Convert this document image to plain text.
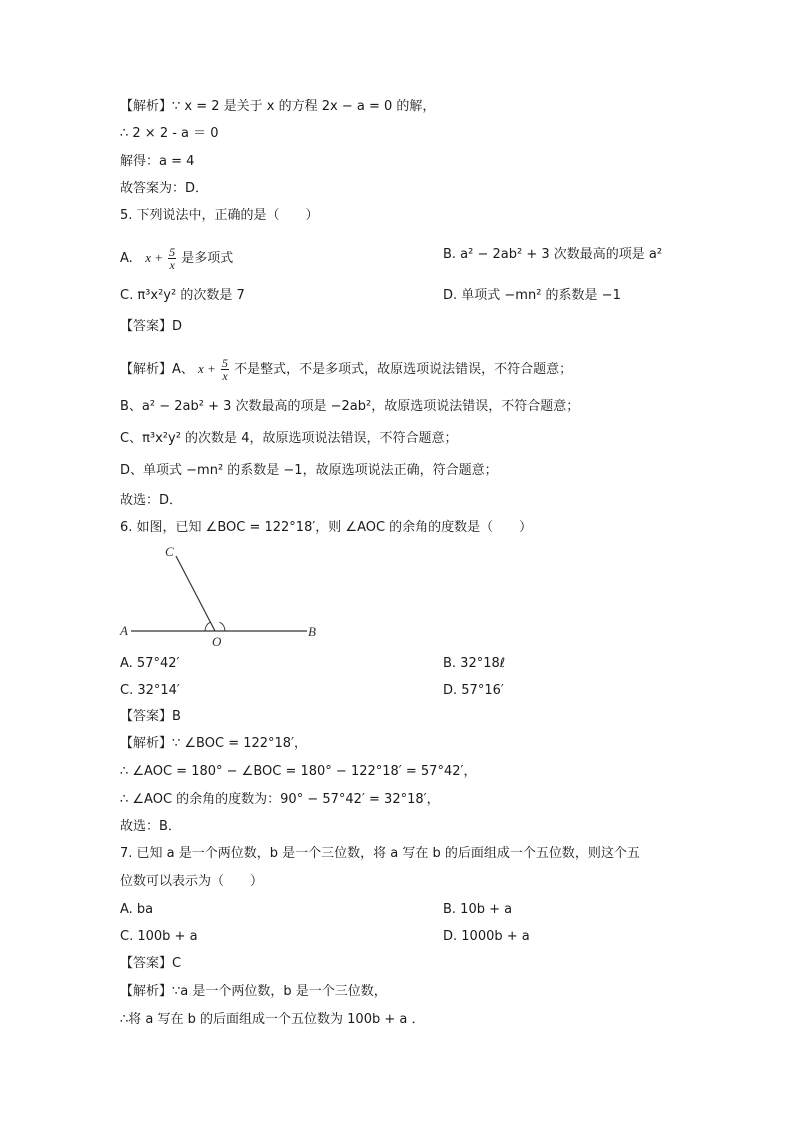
【解析】∵ x = 2 是关于 x 的方程 2x − a = 0 的解，
∴ 2 × 2 - a ＝ 0
解得：a = 4
故答案为：D．
5. 下列说法中，正确的是（　　）
A. $x + \frac{5}{x}$ 是多项式	B. a² − 2ab² + 3 次数最高的项是 a²
C. π³x²y² 的次数是 7	D. 单项式 −mn² 的系数是 −1
【答案】D
【解析】A、 $x + \frac{5}{x}$ 不是整式，不是多项式，故原选项说法错误，不符合题意；
B、a² − 2ab² + 3 次数最高的项是 −2ab²，故原选项说法错误，不符合题意；
C、π³x²y² 的次数是 4，故原选项说法错误，不符合题意；
D、单项式 −mn² 的系数是 −1，故原选项说法正确，符合题意；
故选：D．
6. 如图，已知 ∠BOC = 122°18′，则 ∠AOC 的余角的度数是（　　）
A	B
C
O
A. 57°42′	B. 32°18ℓ
C. 32°14′	D. 57°16′
【答案】B
【解析】∵ ∠BOC = 122°18′，
∴ ∠AOC = 180° − ∠BOC = 180° − 122°18′ = 57°42′，
∴ ∠AOC 的余角的度数为：90° − 57°42′ = 32°18′，
故选：B．
7. 已知 a 是一个两位数，b 是一个三位数，将 a 写在 b 的后面组成一个五位数，则这个五
位数可以表示为（　　）
A. ba	B. 10b + a
C. 100b + a	D. 1000b + a
【答案】C
【解析】∵a 是一个两位数，b 是一个三位数，
∴将 a 写在 b 的后面组成一个五位数为 100b + a ．
